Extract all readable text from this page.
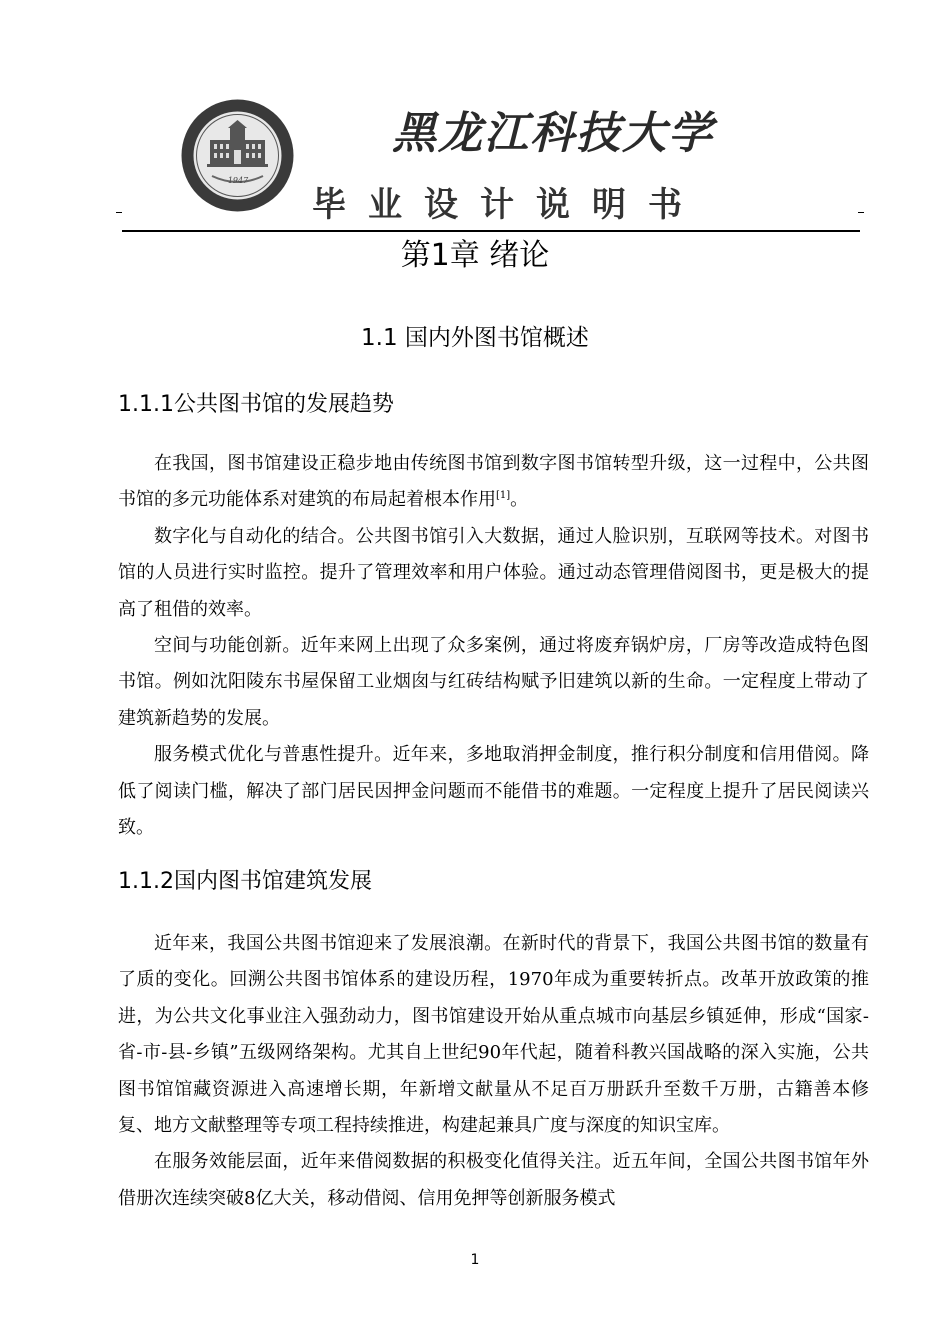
1947
黑龙江科技大学
毕业设计说明书
第1章 绪论
1.1 国内外图书馆概述
1.1.1公共图书馆的发展趋势

在我国，图书馆建设正稳步地由传统图书馆到数字图书馆转型升级，这一过程中，公共图书馆的多元功能体系对建筑的布局起着根本作用[1]。

数字化与自动化的结合。公共图书馆引入大数据，通过人脸识别，互联网等技术。对图书馆的人员进行实时监控。提升了管理效率和用户体验。通过动态管理借阅图书，更是极大的提高了租借的效率。

空间与功能创新。近年来网上出现了众多案例，通过将废弃锅炉房，厂房等改造成特色图书馆。例如沈阳陵东书屋保留工业烟囱与红砖结构赋予旧建筑以新的生命。一定程度上带动了建筑新趋势的发展。

服务模式优化与普惠性提升。近年来，多地取消押金制度，推行积分制度和信用借阅。降低了阅读门槛，解决了部门居民因押金问题而不能借书的难题。一定程度上提升了居民阅读兴致。

1.1.2国内图书馆建筑发展

近年来，我国公共图书馆迎来了发展浪潮。在新时代的背景下，我国公共图书馆的数量有了质的变化。回溯公共图书馆体系的建设历程，1970年成为重要转折点。改革开放政策的推进，为公共文化事业注入强劲动力，图书馆建设开始从重点城市向基层乡镇延伸，形成“国家-省-市-县-乡镇”五级网络架构。尤其自上世纪90年代起，随着科教兴国战略的深入实施，公共图书馆馆藏资源进入高速增长期，年新增文献量从不足百万册跃升至数千万册，古籍善本修复、地方文献整理等专项工程持续推进，构建起兼具广度与深度的知识宝库。

在服务效能层面，近年来借阅数据的积极变化值得关注。近五年间，全国公共图书馆年外借册次连续突破8亿大关，移动借阅、信用免押等创新服务模式

1
